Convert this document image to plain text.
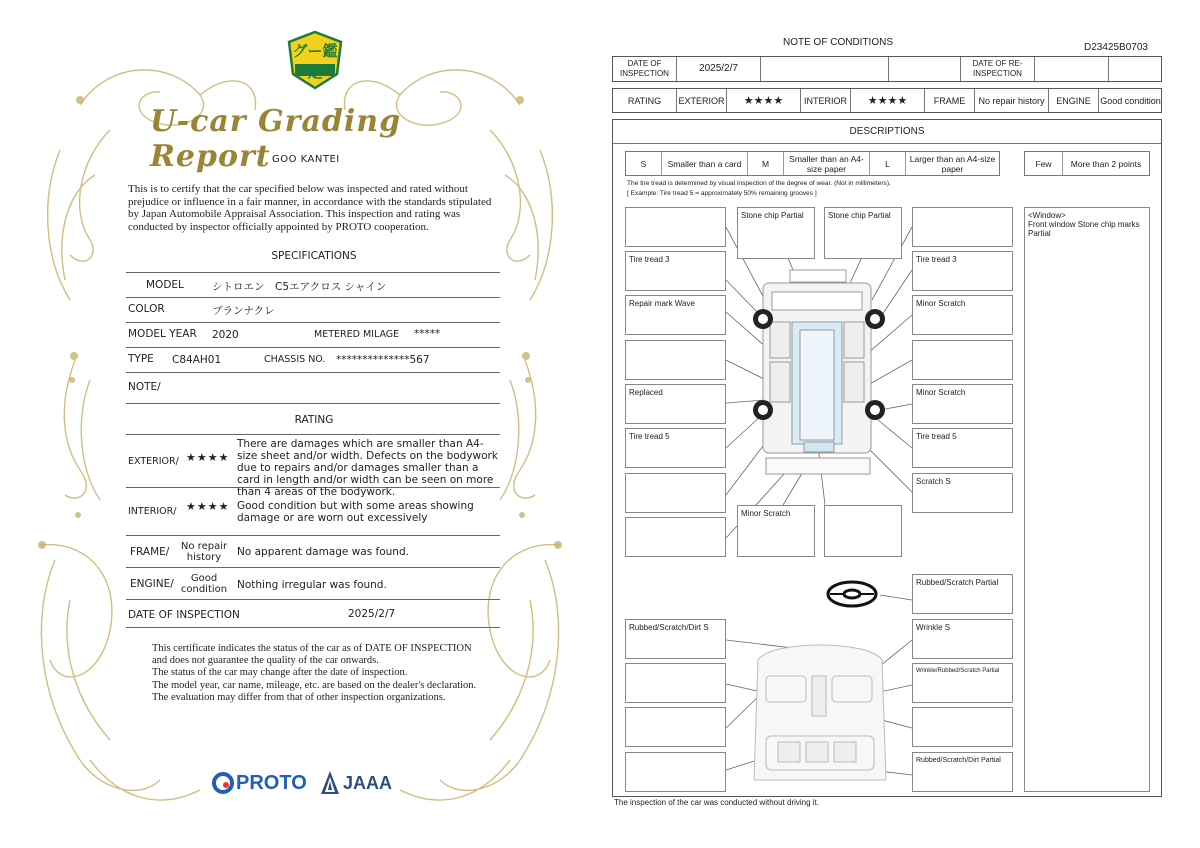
グー鑑定
U-car Grading Report GOO KANTEI
This is to certify that the car specified below was inspected and rated without prejudice or influence in a fair manner, in accordance with the standards stipulated by Japan Automobile Appraisal Association. This inspection and rating was conducted by inspector officially appointed by PROTO cooperation.
SPECIFICATIONS
MODEL	シトロエン　C5エアクロス シャイン
COLOR	ブランナクレ
MODEL YEAR 2020	METERED MILAGE *****
TYPE C84AH01	CHASSIS NO. **************567
NOTE/
RATING
EXTERIOR/ ★★★★
There are damages which are smaller than A4-size sheet and/or width. Defects on the bodywork due to repairs and/or damages smaller than a card in length and/or width can be seen on more than 4 areas of the bodywork.
INTERIOR/ ★★★★ Good condition but with some areas showing damage or are worn out excessively
FRAME/	No repair history	No apparent damage was found.
ENGINE/	Good condition Nothing irregular was found.
DATE OF INSPECTION	2025/2/7
This certificate indicates the status of the car as of DATE OF INSPECTION and does not guarantee the quality of the car onwards.
The status of the car may change after the date of inspection.
The model year, car name, mileage, etc. are based on the dealer's declaration.
The evaluation may differ from that of other inspection organizations.
PROTO JAAA
NOTE OF CONDITIONS	D23425B0703
DATE OF INSPECTION	2025/2/7	DATE OF RE-INSPECTION
RATING	EXTERIOR	★★★★	INTERIOR	★★★★	FRAME	No repair history	ENGINE	Good condition
DESCRIPTIONS
S	Smaller than a card	M	Smaller than an A4-size paper	L	Larger than an A4-size paper	Few	More than 2 points
The tire tread is determined by visual inspection of the degree of wear. (Not in millimeters).
[ Example: Tire tread 5 = approximately 50% remaining grooves ]
Stone chip Partial	Stone chip Partial
Tire tread 3
Repair mark Wave
Replaced
Tire tread 5
Tire tread 3
Minor Scratch
Minor Scratch
Tire tread 5
Scratch S
Minor Scratch
Rubbed/Scratch Partial
Rubbed/Scratch/Dirt S	Wrinkle S
Wrinkle/Rubbed/Scratch Partial
Rubbed/Scratch/Dirt Partial
<Window>
Front window Stone chip marks Partial
The inspection of the car was conducted without driving it.
